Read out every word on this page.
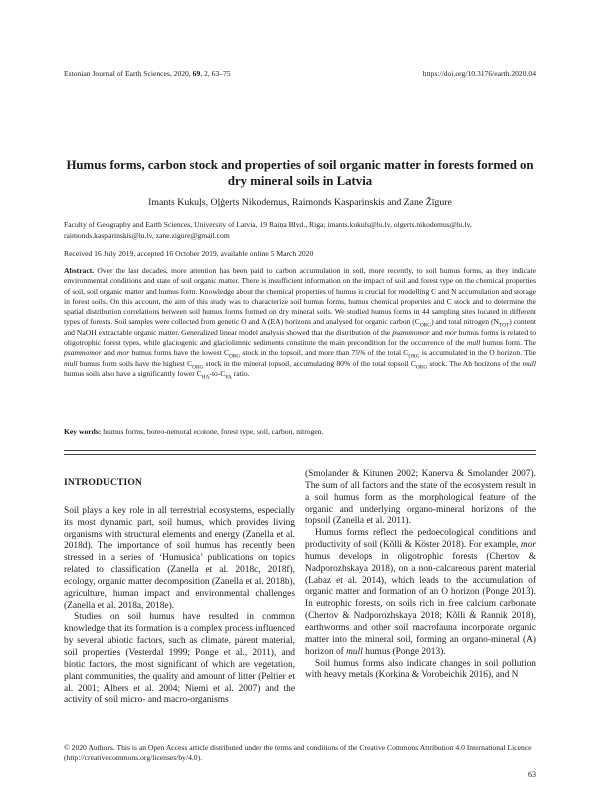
Estonian Journal of Earth Sciences, 2020, 69, 2, 63–75	https://doi.org/10.3176/earth.2020.04
Humus forms, carbon stock and properties of soil organic matter in forests formed on dry mineral soils in Latvia
Imants Kukuļs, Oļģerts Nikodemus, Raimonds Kasparinskis and Zane Žīgure
Faculty of Geography and Earth Sciences, University of Latvia, 19 Raiņa Blvd., Riga; imants.kukuls@lu.lv, olgerts.nikodemus@lu.lv, raimonds.kasparinskis@lu.lv, zane.zigure@gmail.com
Received 16 July 2019, accepted 16 October 2019, available online 5 March 2020
Abstract. Over the last decades, more attention has been paid to carbon accumulation in soil, more recently, to soil humus forms, as they indicate environmental conditions and state of soil organic matter. There is insufficient information on the impact of soil and forest type on the chemical properties of soil, soil organic matter and humus form. Knowledge about the chemical properties of humus is crucial for modelling C and N accumulation and storage in forest soils. On this account, the aim of this study was to characterize soil humus forms, humus chemical properties and C stock and to determine the spatial distribution correlations between soil humus forms formed on dry mineral soils. We studied humus forms in 44 sampling sites located in different types of forests. Soil samples were collected from genetic O and A (EA) horizons and analysed for organic carbon $(C_{ORG})$ and total nitrogen $(N_{TOT})$ content and NaOH extractable organic matter. Generalized linear model analysis showed that the distribution of the psammomor and mor humus forms is related to oligotrophic forest types, while glaciogenic and glaciolimnic sediments constitute the main precondition for the occurrence of the mull humus form. The psammomor and mor humus forms have the lowest $C_{ORG}$ stock in the topsoil, and more than 75% of the total $C_{ORG}$ is accumulated in the O horizon. The mull humus form soils have the highest $C_{ORG}$ stock in the mineral topsoil, accumulating 80% of the total topsoil $C_{ORG}$ stock. The Ah horizons of the mull humus soils also have a significantly lower $C_{HA}-to-C_{FA}$ ratio.
Key words: humus forms, boreo-nemoral ecotone, forest type, soil, carbon, nitrogen.
INTRODUCTION

Soil plays a key role in all terrestrial ecosystems, especially its most dynamic part, soil humus, which provides living organisms with structural elements and energy (Zanella et al. 2018d). The importance of soil humus has recently been stressed in a series of ‘Humusica’ publications on topics related to classification (Zanella et al. 2018c, 2018f), ecology, organic matter decomposition (Zanella et al. 2018b), agriculture, human impact and environmental challenges (Zanella et al. 2018a, 2018e).

Studies on soil humus have resulted in common knowledge that its formation is a complex process influenced by several abiotic factors, such as climate, parent material, soil properties (Vesterdal 1999; Ponge et al., 2011), and biotic factors, the most significant of which are vegetation, plant communities, the quality and amount of litter (Peltier et al. 2001; Albers et al. 2004; Niemi et al. 2007) and the activity of soil micro- and macro-organisms

(Smolander & Kitunen 2002; Kanerva & Smolander 2007). The sum of all factors and the state of the ecosystem result in a soil humus form as the morphological feature of the organic and underlying organo-mineral horizons of the topsoil (Zanella et al. 2011).

Humus forms reflect the pedoecological conditions and productivity of soil (Kõlli & Köster 2018). For example, mor humus develops in oligotrophic forests (Chertov & Nadporozhskaya 2018), on a non-calcareous parent material (Labaz et al. 2014), which leads to the accumulation of organic matter and formation of an O horizon (Ponge 2013). In eutrophic forests, on soils rich in free calcium carbonate (Chertov & Nadporozhskaya 2018; Kõlli & Rannik 2018), earthworms and other soil macrofauna incorporate organic matter into the mineral soil, forming an organo-mineral (A) horizon of mull humus (Ponge 2013).

Soil humus forms also indicate changes in soil pollution with heavy metals (Korkina & Vorobeichik 2016), and N

© 2020 Authors. This is an Open Access article distributed under the terms and conditions of the Creative Commons Attribution 4.0 International Licence (http://creativecommons.org/licenses/by/4.0).
63
